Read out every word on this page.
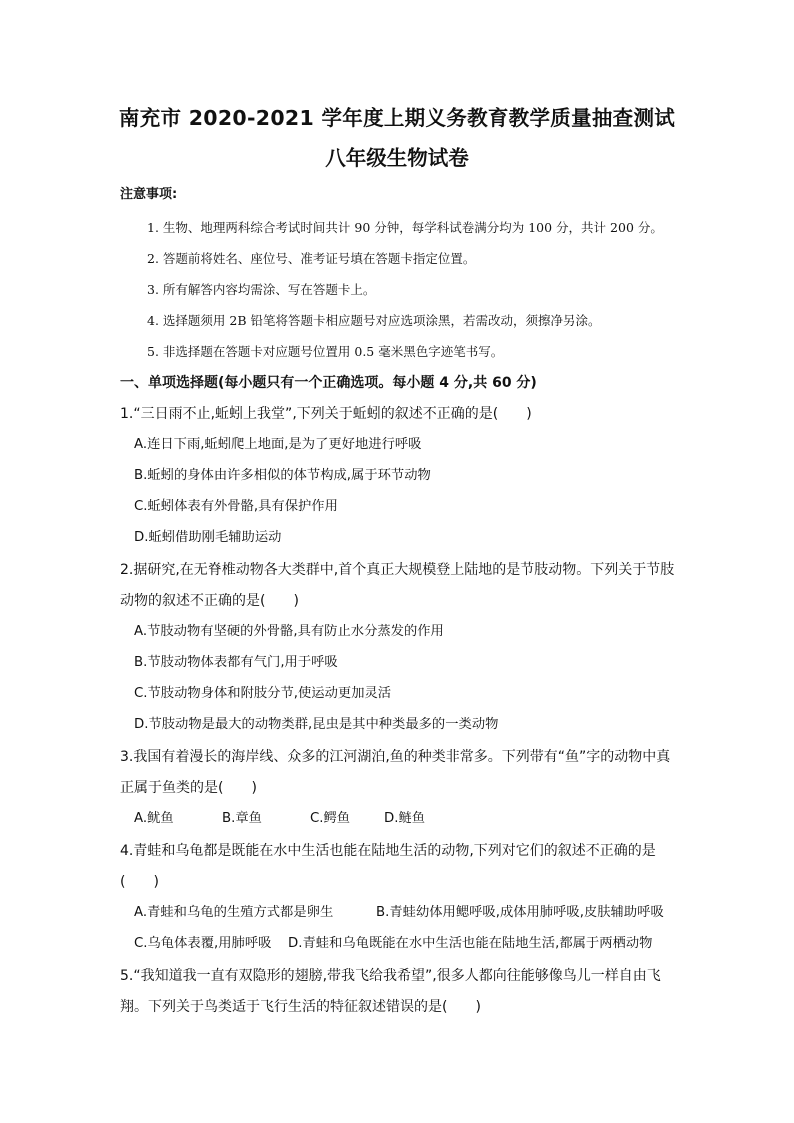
南充市 2020-2021 学年度上期义务教育教学质量抽查测试
八年级生物试卷
注意事项:
1. 生物、地理两科综合考试时间共计 90 分钟，每学科试卷满分均为 100 分，共计 200 分。
2. 答题前将姓名、座位号、准考证号填在答题卡指定位置。
3. 所有解答内容均需涂、写在答题卡上。
4. 选择题须用 2B 铅笔将答题卡相应题号对应选项涂黑，若需改动，须擦净另涂。
5. 非选择题在答题卡对应题号位置用 0.5 毫米黑色字迹笔书写。
一、单项选择题(每小题只有一个正确选项。每小题 4 分,共 60 分)
1.“三日雨不止,蚯蚓上我堂”,下列关于蚯蚓的叙述不正确的是(　　)
A.连日下雨,蚯蚓爬上地面,是为了更好地进行呼吸
B.蚯蚓的身体由许多相似的体节构成,属于环节动物
C.蚯蚓体表有外骨骼,具有保护作用
D.蚯蚓借助刚毛辅助运动
2.据研究,在无脊椎动物各大类群中,首个真正大规模登上陆地的是节肢动物。下列关于节肢
动物的叙述不正确的是(　　)
A.节肢动物有坚硬的外骨骼,具有防止水分蒸发的作用
B.节肢动物体表都有气门,用于呼吸
C.节肢动物身体和附肢分节,使运动更加灵活
D.节肢动物是最大的动物类群,昆虫是其中种类最多的一类动物
3.我国有着漫长的海岸线、众多的江河湖泊,鱼的种类非常多。下列带有“鱼”字的动物中真
正属于鱼类的是(　　)
A.鱿鱼	B.章鱼	C.鳄鱼	D.鲢鱼
4.青蛙和乌龟都是既能在水中生活也能在陆地生活的动物,下列对它们的叙述不正确的是
(　　)
A.青蛙和乌龟的生殖方式都是卵生	B.青蛙幼体用鳃呼吸,成体用肺呼吸,皮肤辅助呼吸
C.乌龟体表覆,用肺呼吸 D.青蛙和乌龟既能在水中生活也能在陆地生活,都属于两栖动物
5.“我知道我一直有双隐形的翅膀,带我飞给我希望”,很多人都向往能够像鸟儿一样自由飞
翔。下列关于鸟类适于飞行生活的特征叙述错误的是(　　)
